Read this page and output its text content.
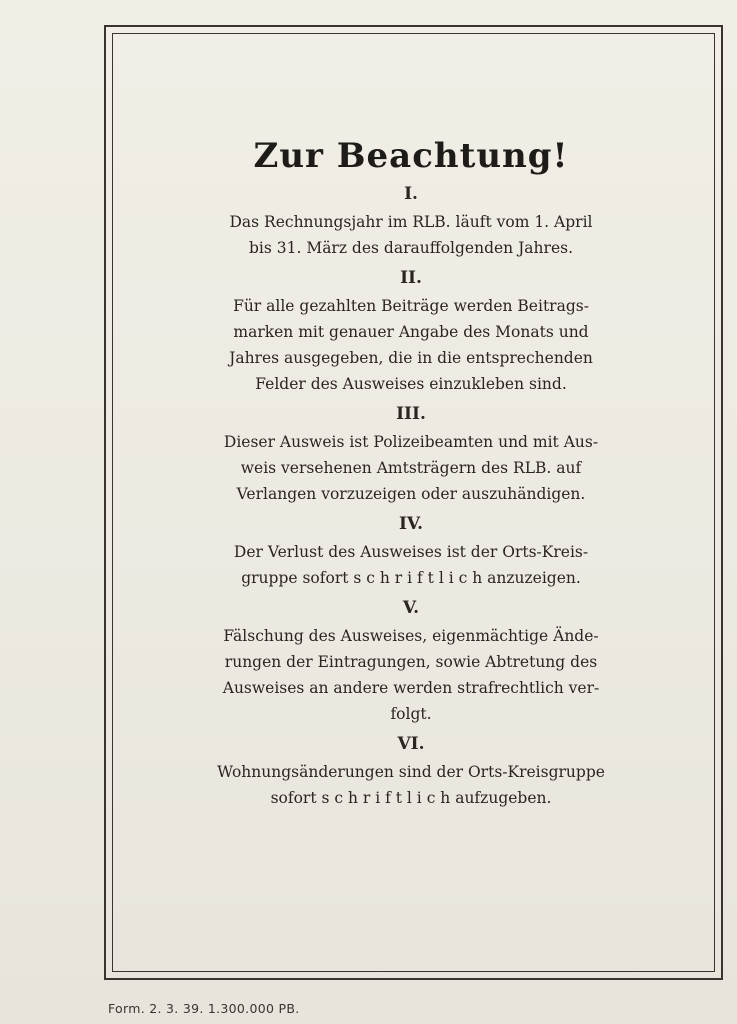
Zur Beachtung!
I.

Das Rechnungsjahr im RLB. läuft vom 1. April
bis 31. März des darauffolgenden Jahres.

II.

Für alle gezahlten Beiträge werden Beitrags-
marken mit genauer Angabe des Monats und
Jahres ausgegeben, die in die entsprechenden
Felder des Ausweises einzukleben sind.

III.

Dieser Ausweis ist Polizeibeamten und mit Aus-
weis versehenen Amtsträgern des RLB. auf
Verlangen vorzuzeigen oder auszuhändigen.

IV.

Der Verlust des Ausweises ist der Orts-Kreis-
gruppe sofort s c h r i f t l i c h anzuzeigen.

V.

Fälschung des Ausweises, eigenmächtige Ände-
rungen der Eintragungen, sowie Abtretung des
Ausweises an andere werden strafrechtlich ver-
folgt.

VI.

Wohnungsänderungen sind der Orts-Kreisgruppe
sofort s c h r i f t l i c h aufzugeben.

Form. 2. 3. 39. 1.300.000 PB.
